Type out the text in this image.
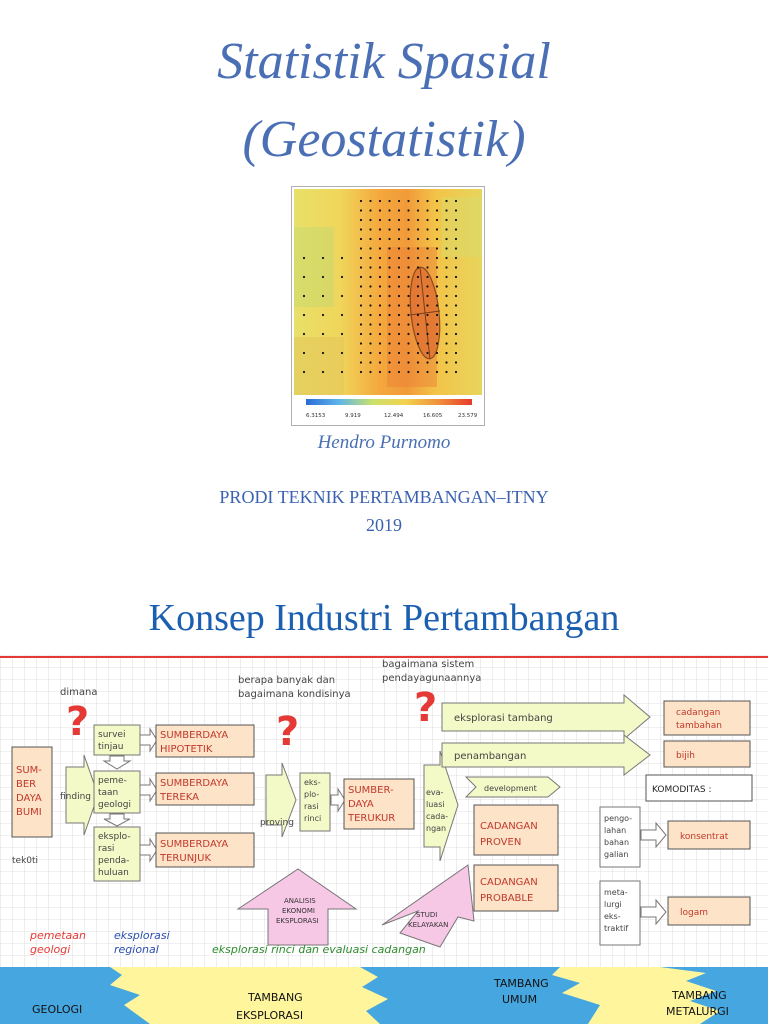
Statistik Spasial
(Geostatistik)
6.3153	9.919	12.494	16.605	23.579
Hendro Purnomo
PRODI TEKNIK PERTAMBANGAN–ITNY
2019
Konsep Industri Pertambangan
?	?
?
dimana
berapa banyak dan
bagaimana kondisinya
bagaimana sistem
pendayagunaannya
SUM-
BER
DAYA
BUMI
tek0ti
finding
survei
tinjau
peme-
taan
geologi
eksplo-
rasi
penda-
huluan
SUMBERDAYA
HIPOTETIK
SUMBERDAYA
TEREKA
SUMBERDAYA
TERUNJUK
proving
eks-
plo-
rasi
rinci
SUMBER-
DAYA
TERUKUR
eva-
luasi
cada-
ngan
eksplorasi tambang
penambangan
development
CADANGAN
PROVEN
CADANGAN
PROBABLE
cadangan
tambahan
bijih
KOMODITAS :
pengo-
lahan
bahan
galian
konsentrat
meta-
lurgi
eks-
traktif
logam
ANALISIS
EKONOMI
EKSPLORASI
STUDI
KELAYAKAN
pemetaan
geologi
eksplorasi
regional	eksplorasi rinci dan evaluasi cadangan
GEOLOGI
TAMBANG
EKSPLORASI
TAMBANG
UMUM	TAMBANG
METALURGI
